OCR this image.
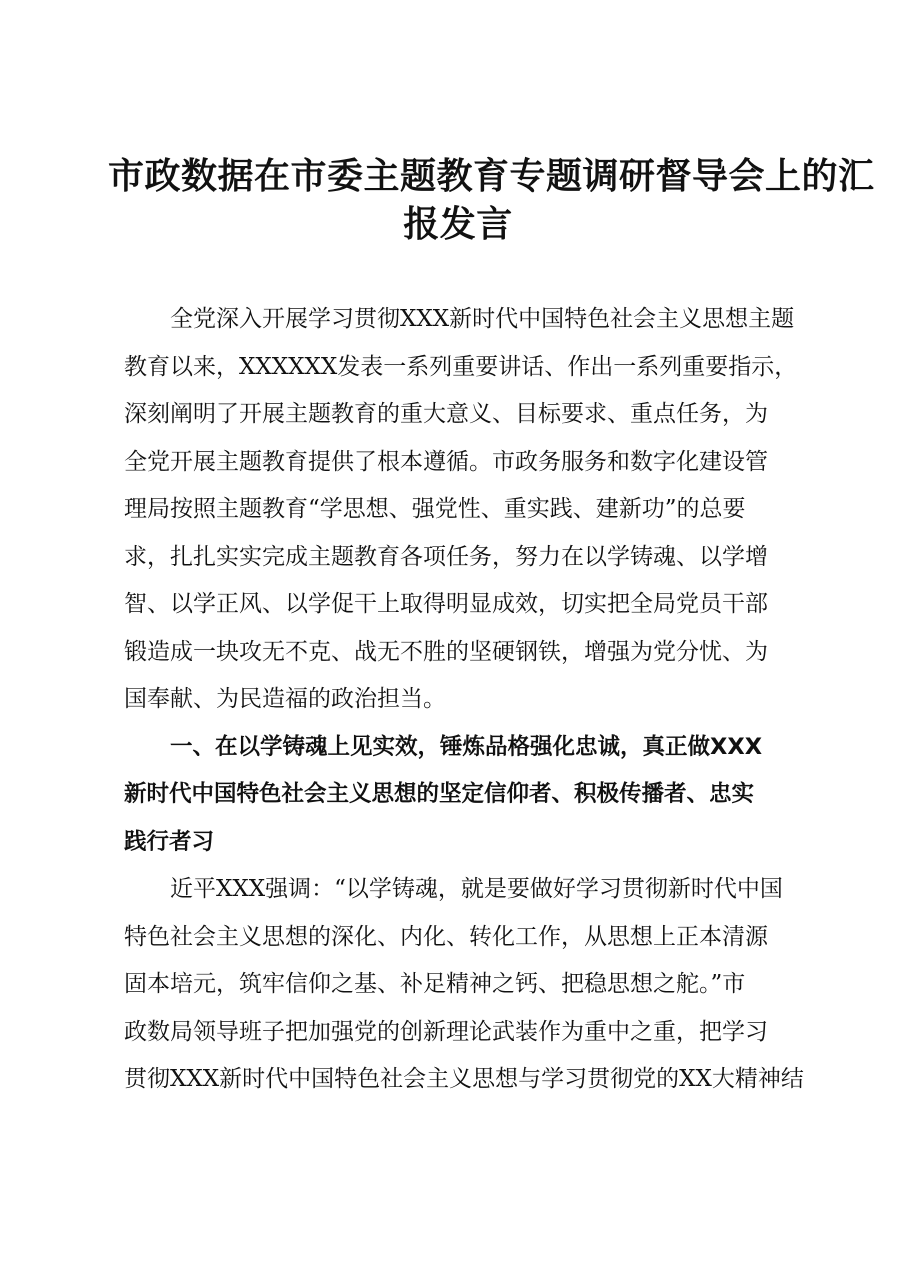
市政数据在市委主题教育专题调研督导会上的汇
报发言
全党深入开展学习贯彻XXX新时代中国特色社会主义思想主题
教育以来，XXXXXX发表一系列重要讲话、作出一系列重要指示，
深刻阐明了开展主题教育的重大意义、目标要求、重点任务，为
全党开展主题教育提供了根本遵循。市政务服务和数字化建设管
理局按照主题教育“学思想、强党性、重实践、建新功”的总要
求，扎扎实实完成主题教育各项任务，努力在以学铸魂、以学增
智、以学正风、以学促干上取得明显成效，切实把全局党员干部
锻造成一块攻无不克、战无不胜的坚硬钢铁，增强为党分忧、为
国奉献、为民造福的政治担当。
一、在以学铸魂上见实效，锤炼品格强化忠诚，真正做XXX
新时代中国特色社会主义思想的坚定信仰者、积极传播者、忠实
践行者习
近平XXX强调：“以学铸魂，就是要做好学习贯彻新时代中国
特色社会主义思想的深化、内化、转化工作，从思想上正本清源
固本培元，筑牢信仰之基、补足精神之钙、把稳思想之舵。”市
政数局领导班子把加强党的创新理论武装作为重中之重，把学习
贯彻XXX新时代中国特色社会主义思想与学习贯彻党的XX大精神结
